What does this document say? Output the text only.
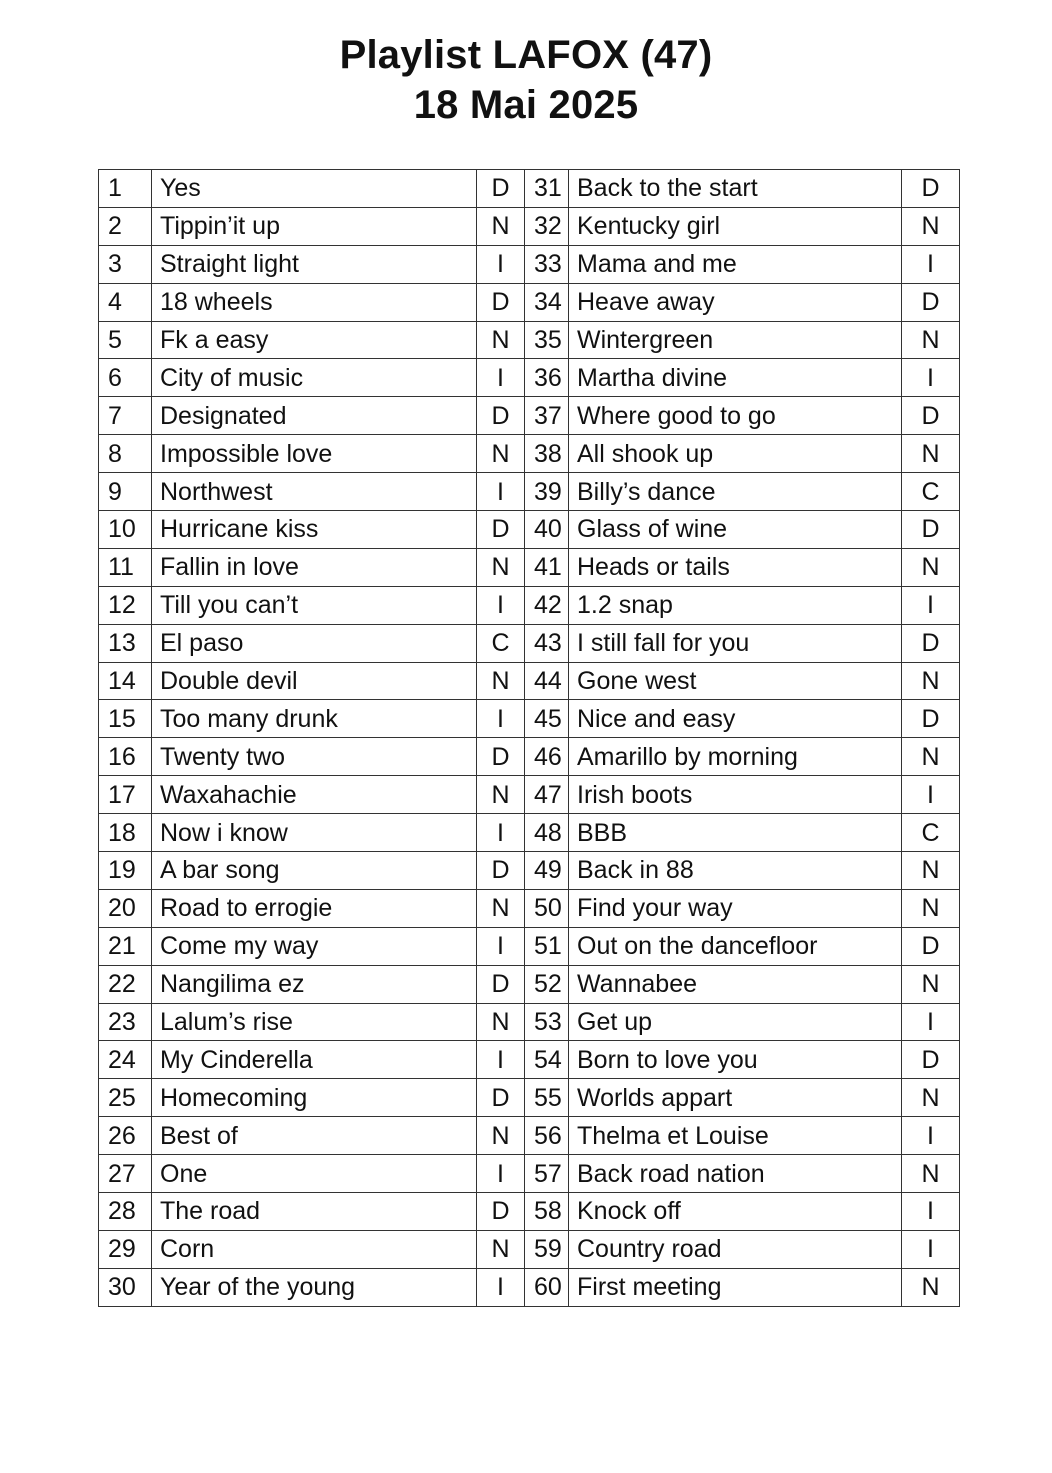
Playlist LAFOX (47)
18 Mai 2025
1	Yes	D	31	Back to the start	D
2	Tippin’it up	N	32	Kentucky girl	N
3	Straight light	I	33	Mama and me	I
4	18 wheels	D	34	Heave away	D
5	Fk a easy	N	35	Wintergreen	N
6	City of music	I	36	Martha divine	I
7	Designated	D	37	Where good to go	D
8	Impossible love	N	38	All shook up	N
9	Northwest	I	39	Billy’s dance	C
10	Hurricane kiss	D	40	Glass of wine	D
11	Fallin in love	N	41	Heads or tails	N
12	Till you can’t	I	42	1.2 snap	I
13	El paso	C	43	I still fall for you	D
14	Double devil	N	44	Gone west	N
15	Too many drunk	I	45	Nice and easy	D
16	Twenty two	D	46	Amarillo by morning	N
17	Waxahachie	N	47	Irish boots	I
18	Now i know	I	48	BBB	C
19	A bar song	D	49	Back in 88	N
20	Road to errogie	N	50	Find your way	N
21	Come my way	I	51	Out on the dancefloor	D
22	Nangilima ez	D	52	Wannabee	N
23	Lalum’s rise	N	53	Get up	I
24	My Cinderella	I	54	Born to love you	D
25	Homecoming	D	55	Worlds appart	N
26	Best of	N	56	Thelma et Louise	I
27	One	I	57	Back road nation	N
28	The road	D	58	Knock off	I
29	Corn	N	59	Country road	I
30	Year of the young	I	60	First meeting	N
